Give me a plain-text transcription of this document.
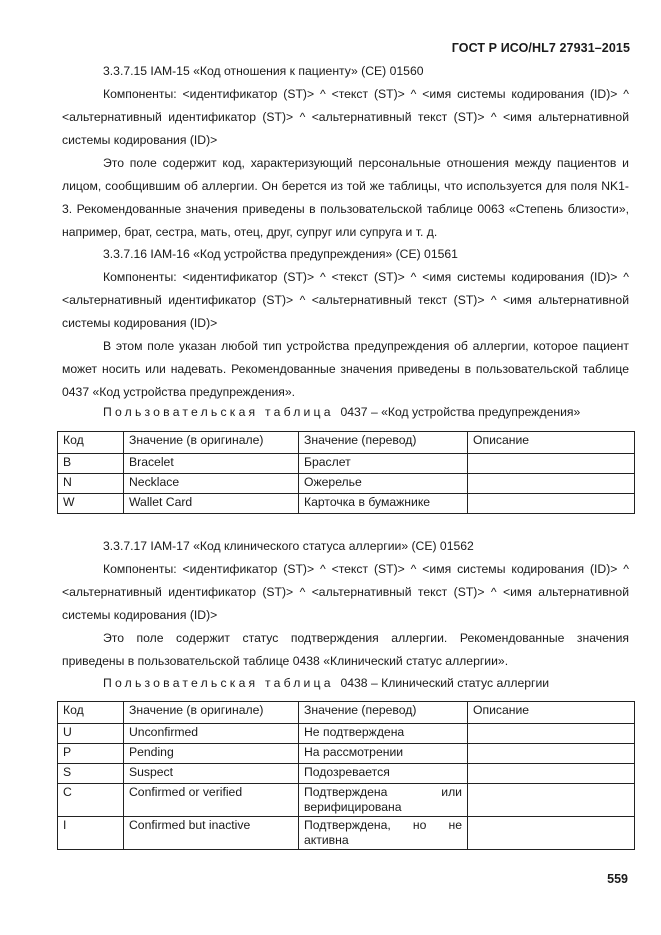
ГОСТ Р ИСО/HL7 27931–2015

3.3.7.15 IAM-15 «Код отношения к пациенту» (CE) 01560

Компоненты: <идентификатор (ST)> ^ <текст (ST)> ^ <имя системы кодирования (ID)> ^ <альтернативный идентификатор (ST)> ^ <альтернативный текст (ST)> ^ <имя альтернативной системы кодирования (ID)>

Это поле содержит код, характеризующий персональные отношения между пациентов и лицом, сообщившим об аллергии. Он берется из той же таблицы, что используется для поля NK1-3. Рекомендованные значения приведены в пользовательской таблице 0063 «Степень близости», например, брат, сестра, мать, отец, друг, супруг или супруга и т. д.

3.3.7.16 IAM-16 «Код устройства предупреждения» (CE) 01561

Компоненты: <идентификатор (ST)> ^ <текст (ST)> ^ <имя системы кодирования (ID)> ^ <альтернативный идентификатор (ST)> ^ <альтернативный текст (ST)> ^ <имя альтернативной системы кодирования (ID)>

В этом поле указан любой тип устройства предупреждения об аллергии, которое пациент может носить или надевать. Рекомендованные значения приведены в пользовательской таблице 0437 «Код устройства предупреждения».

Пользовательская таблица 0437 – «Код устройства предупреждения»
Код	Значение (в оригинале)	Значение (перевод)	Описание
B	Bracelet	Браслет	
N	Necklace	Ожерелье	
W	Wallet Card	Карточка в бумажнике	

3.3.7.17 IAM-17 «Код клинического статуса аллергии» (CE) 01562

Компоненты: <идентификатор (ST)> ^ <текст (ST)> ^ <имя системы кодирования (ID)> ^ <альтернативный идентификатор (ST)> ^ <альтернативный текст (ST)> ^ <имя альтернативной системы кодирования (ID)>

Это поле содержит статус подтверждения аллергии. Рекомендованные значения приведены в пользовательской таблице 0438 «Клинический статус аллергии».

Пользовательская таблица 0438 – Клинический статус аллергии
Код	Значение (в оригинале)	Значение (перевод)	Описание
U	Unconfirmed	Не подтверждена	
P	Pending	На рассмотрении	
S	Suspect	Подозревается	
C	Confirmed or verified	Подтверждена или верифицирована	
I	Confirmed but inactive	Подтверждена, но не активна	
559
